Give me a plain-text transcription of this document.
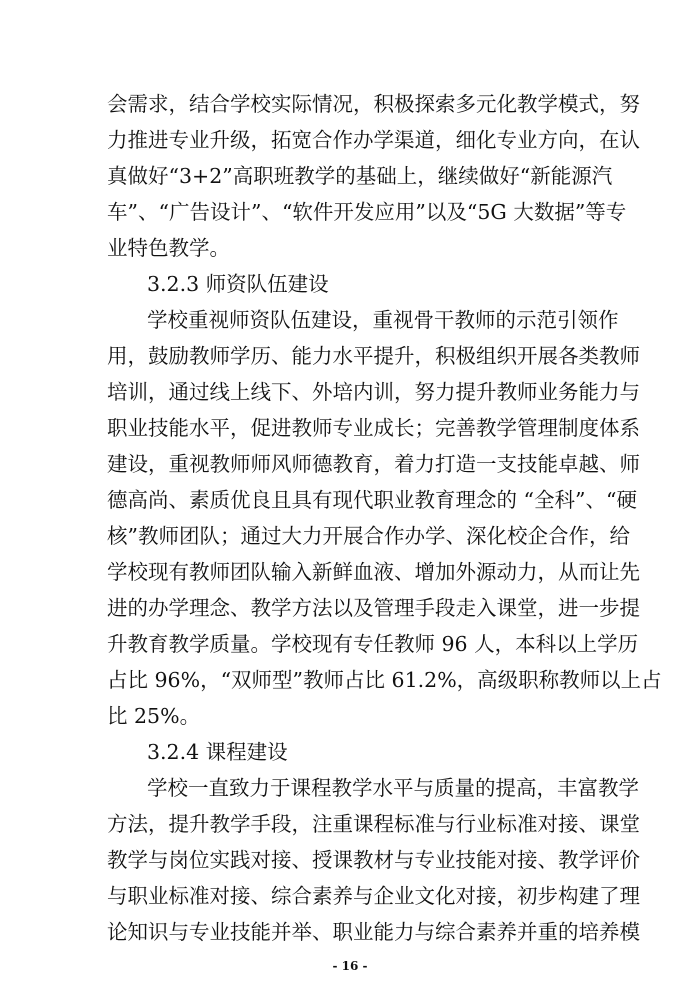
会需求，结合学校实际情况，积极探索多元化教学模式，努
力推进专业升级，拓宽合作办学渠道，细化专业方向，在认
真做好“3+2”高职班教学的基础上，继续做好“新能源汽
车”、“广告设计”、“软件开发应用”以及“5G 大数据”等专
业特色教学。
3.2.3 师资队伍建设
学校重视师资队伍建设，重视骨干教师的示范引领作
用，鼓励教师学历、能力水平提升，积极组织开展各类教师
培训，通过线上线下、外培内训，努力提升教师业务能力与
职业技能水平，促进教师专业成长；完善教学管理制度体系
建设，重视教师师风师德教育，着力打造一支技能卓越、师
德高尚、素质优良且具有现代职业教育理念的 “全科”、“硬
核”教师团队；通过大力开展合作办学、深化校企合作，给
学校现有教师团队输入新鲜血液、增加外源动力，从而让先
进的办学理念、教学方法以及管理手段走入课堂，进一步提
升教育教学质量。学校现有专任教师 96 人，本科以上学历
占比 96%，“双师型”教师占比 61.2%，高级职称教师以上占
比 25%。
3.2.4 课程建设
学校一直致力于课程教学水平与质量的提高，丰富教学
方法，提升教学手段，注重课程标准与行业标准对接、课堂
教学与岗位实践对接、授课教材与专业技能对接、教学评价
与职业标准对接、综合素养与企业文化对接，初步构建了理
论知识与专业技能并举、职业能力与综合素养并重的培养模
- 16 -
